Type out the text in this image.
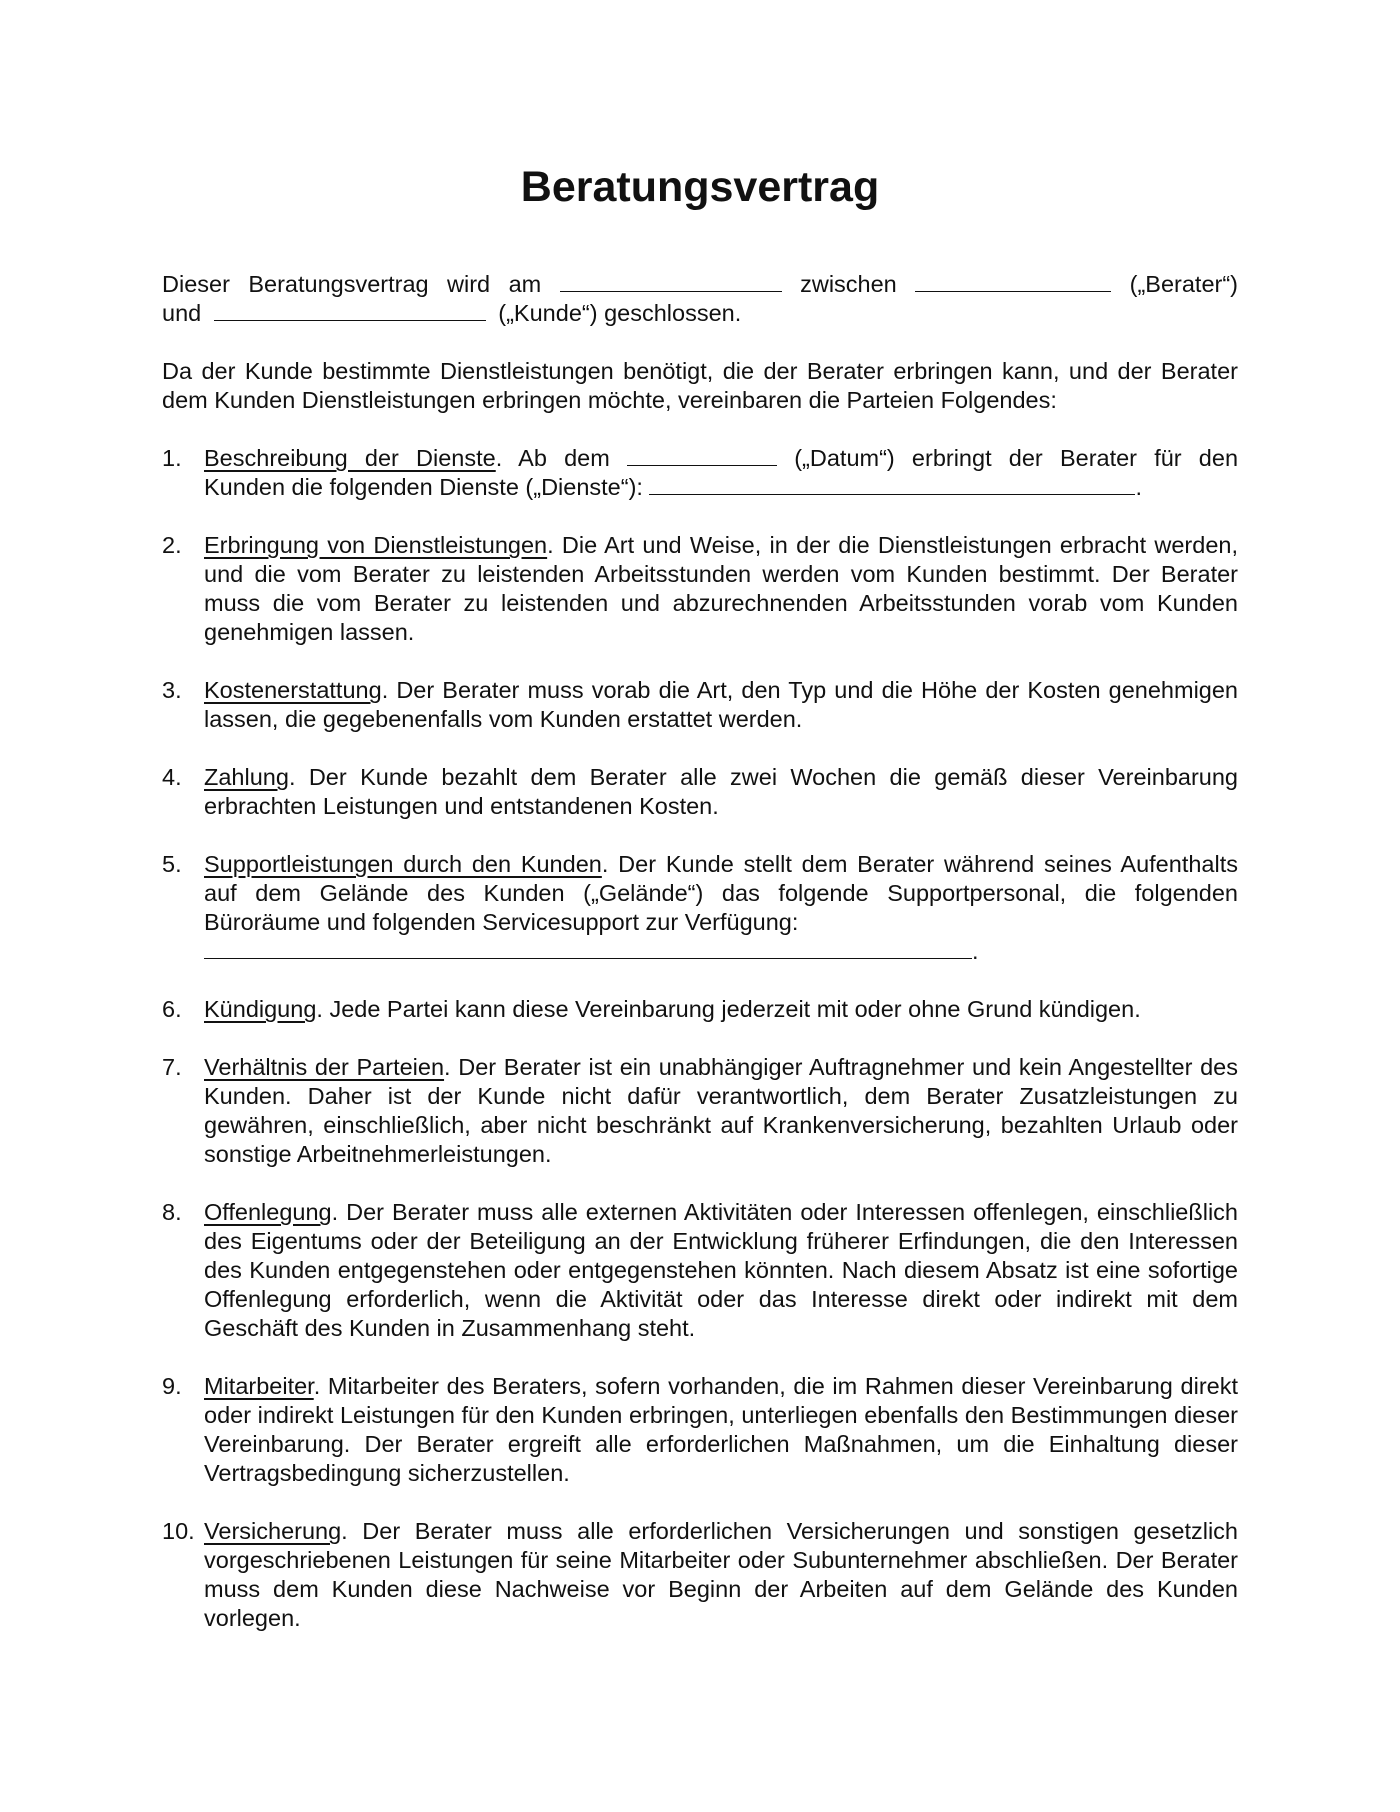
Beratungsvertrag
Dieser Beratungsvertrag wird am	zwischen	(„Berater“)
und	(„Kunde“) geschlossen.

Da der Kunde bestimmte Dienstleistungen benötigt, die der Berater erbringen kann, und der Berater dem Kunden Dienstleistungen erbringen möchte, vereinbaren die Parteien Folgendes:

1. Beschreibung der Dienste. Ab dem	(„Datum“) erbringt der Berater für den
Kunden die folgenden Dienste („Dienste“):	.
2. Erbringung von Dienstleistungen. Die Art und Weise, in der die Dienstleistungen erbracht werden, und die vom Berater zu leistenden Arbeitsstunden werden vom Kunden bestimmt. Der Berater muss die vom Berater zu leistenden und abzurechnenden Arbeitsstunden vorab vom Kunden genehmigen lassen.
3. Kostenerstattung. Der Berater muss vorab die Art, den Typ und die Höhe der Kosten genehmigen lassen, die gegebenenfalls vom Kunden erstattet werden.
4. Zahlung. Der Kunde bezahlt dem Berater alle zwei Wochen die gemäß dieser Vereinbarung erbrachten Leistungen und entstandenen Kosten.
5. Supportleistungen durch den Kunden. Der Kunde stellt dem Berater während seines Aufenthalts auf dem Gelände des Kunden („Gelände“) das folgende Supportpersonal, die folgenden Büroräume und folgenden Servicesupport zur Verfügung:
.
6. Kündigung. Jede Partei kann diese Vereinbarung jederzeit mit oder ohne Grund kündigen.
7. Verhältnis der Parteien. Der Berater ist ein unabhängiger Auftragnehmer und kein Angestellter des Kunden. Daher ist der Kunde nicht dafür verantwortlich, dem Berater Zusatzleistungen zu gewähren, einschließlich, aber nicht beschränkt auf Krankenversicherung, bezahlten Urlaub oder sonstige Arbeitnehmerleistungen.
8. Offenlegung. Der Berater muss alle externen Aktivitäten oder Interessen offenlegen, einschließlich des Eigentums oder der Beteiligung an der Entwicklung früherer Erfindungen, die den Interessen des Kunden entgegenstehen oder entgegenstehen könnten. Nach diesem Absatz ist eine sofortige Offenlegung erforderlich, wenn die Aktivität oder das Interesse direkt oder indirekt mit dem Geschäft des Kunden in Zusammenhang steht.
9. Mitarbeiter. Mitarbeiter des Beraters, sofern vorhanden, die im Rahmen dieser Vereinbarung direkt oder indirekt Leistungen für den Kunden erbringen, unterliegen ebenfalls den Bestimmungen dieser Vereinbarung. Der Berater ergreift alle erforderlichen Maßnahmen, um die Einhaltung dieser Vertragsbedingung sicherzustellen.
10. Versicherung. Der Berater muss alle erforderlichen Versicherungen und sonstigen gesetzlich vorgeschriebenen Leistungen für seine Mitarbeiter oder Subunternehmer abschließen. Der Berater muss dem Kunden diese Nachweise vor Beginn der Arbeiten auf dem Gelände des Kunden vorlegen.
